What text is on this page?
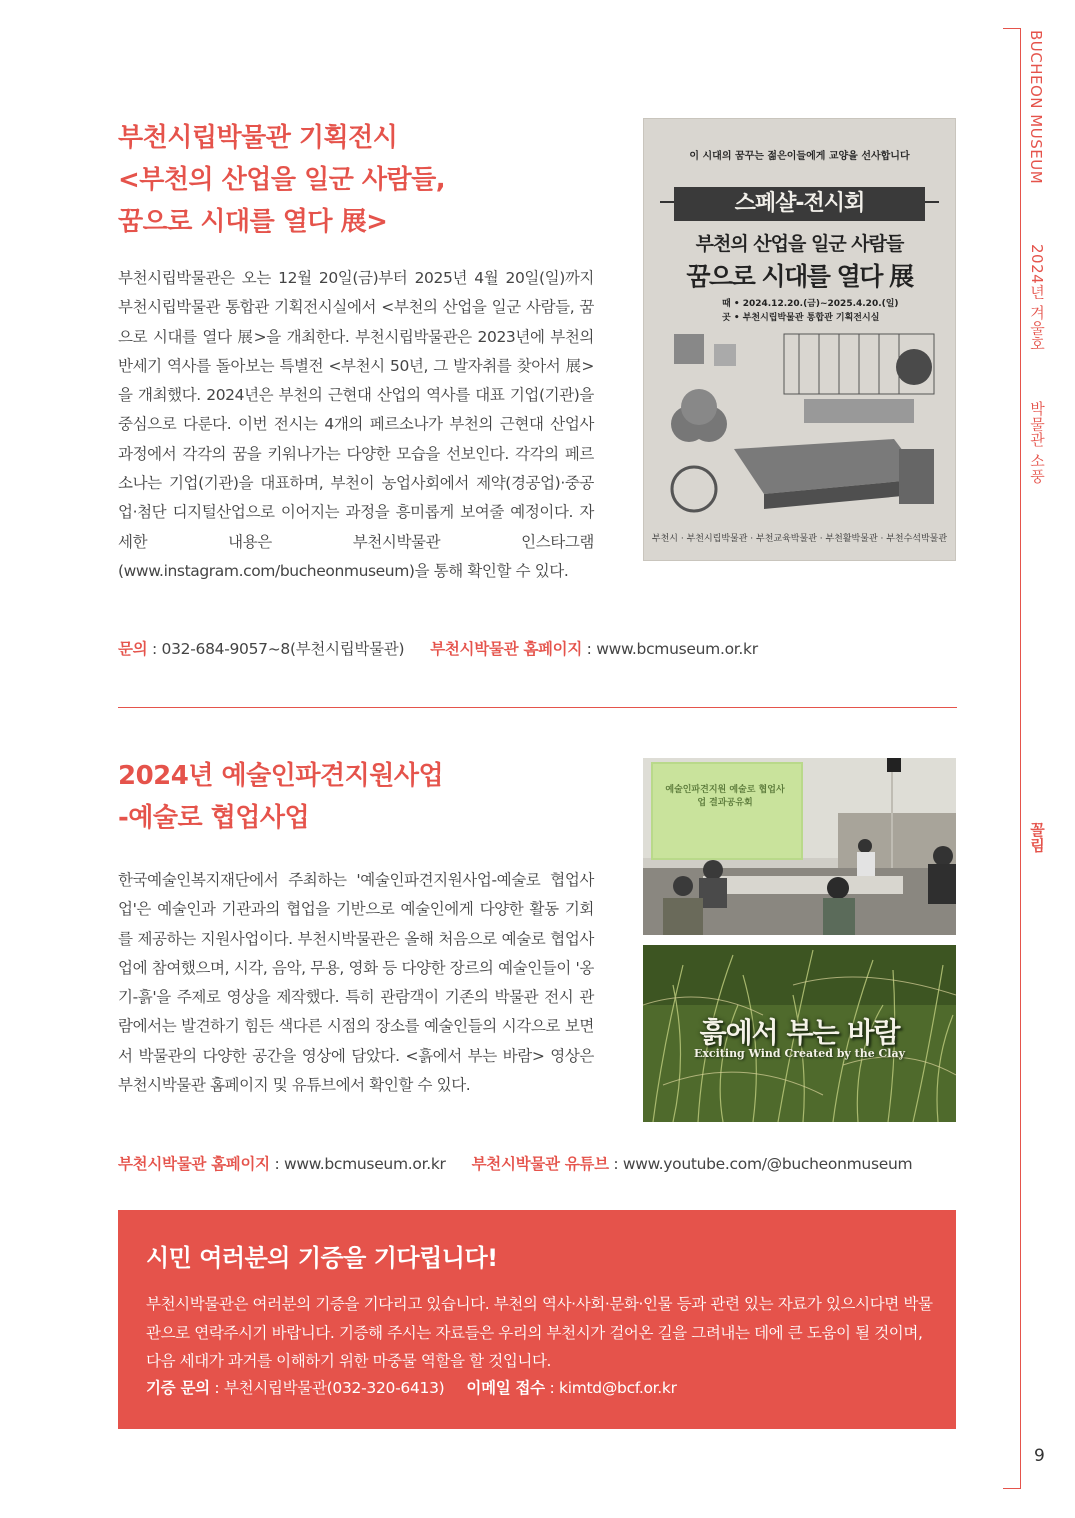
BUCHEON MUSEUM
2024년 겨울호
박물관 소풍
꼴림
9
부천시립박물관 기획전시
<부천의 산업을 일군 사람들,
꿈으로 시대를 열다 展>
부천시립박물관은 오는 12월 20일(금)부터 2025년 4월 20일(일)까지 부천시립박물관 통합관 기획전시실에서 <부천의 산업을 일군 사람들, 꿈으로 시대를 열다 展>을 개최한다. 부천시립박물관은 2023년에 부천의 반세기 역사를 돌아보는 특별전 <부천시 50년, 그 발자취를 찾아서 展>을 개최했다. 2024년은 부천의 근현대 산업의 역사를 대표 기업(기관)을 중심으로 다룬다. 이번 전시는 4개의 페르소나가 부천의 근현대 산업사 과정에서 각각의 꿈을 키워나가는 다양한 모습을 선보인다. 각각의 페르소나는 기업(기관)을 대표하며, 부천이 농업사회에서 제약(경공업)·중공업·첨단 디지털산업으로 이어지는 과정을 흥미롭게 보여줄 예정이다. 자세한 내용은 부천시박물관 인스타그램(www.instagram.com/bucheonmuseum)을 통해 확인할 수 있다.
문의 : 032-684-9057~8(부천시립박물관) 부천시박물관 홈페이지 : www.bcmuseum.or.kr
이 시대의 꿈꾸는 젊은이들에게 교양을 선사합니다
스페샬-전시회
부천의 산업을 일군 사람들
꿈으로 시대를 열다 展
때 • 2024.12.20.(금)~2025.4.20.(일)
곳 • 부천시립박물관 통합관 기획전시실
부천시 · 부천시립박물관 · 부천교육박물관 · 부천활박물관 · 부천수석박물관
2024년 예술인파견지원사업
-예술로 협업사업
한국예술인복지재단에서 주최하는 '예술인파견지원사업-예술로 협업사업'은 예술인과 기관과의 협업을 기반으로 예술인에게 다양한 활동 기회를 제공하는 지원사업이다. 부천시박물관은 올해 처음으로 예술로 협업사업에 참여했으며, 시각, 음악, 무용, 영화 등 다양한 장르의 예술인들이 '옹기-흙'을 주제로 영상을 제작했다. 특히 관람객이 기존의 박물관 전시 관람에서는 발견하기 힘든 색다른 시점의 장소를 예술인들의 시각으로 보면서 박물관의 다양한 공간을 영상에 담았다. <흙에서 부는 바람> 영상은 부천시박물관 홈페이지 및 유튜브에서 확인할 수 있다.
부천시박물관 홈페이지 : www.bcmuseum.or.kr 부천시박물관 유튜브 : www.youtube.com/@bucheonmuseum
예술인파견지원 예술로 협업사업 결과공유회
흙에서 부는 바람
Exciting Wind Created by the Clay
시민 여러분의 기증을 기다립니다!
부천시박물관은 여러분의 기증을 기다리고 있습니다. 부천의 역사·사회·문화·인물 등과 관련 있는 자료가 있으시다면 박물관으로 연락주시기 바랍니다. 기증해 주시는 자료들은 우리의 부천시가 걸어온 길을 그려내는 데에 큰 도움이 될 것이며, 다음 세대가 과거를 이해하기 위한 마중물 역할을 할 것입니다.
기증 문의 : 부천시립박물관(032-320-6413) 이메일 접수 : kimtd@bcf.or.kr
